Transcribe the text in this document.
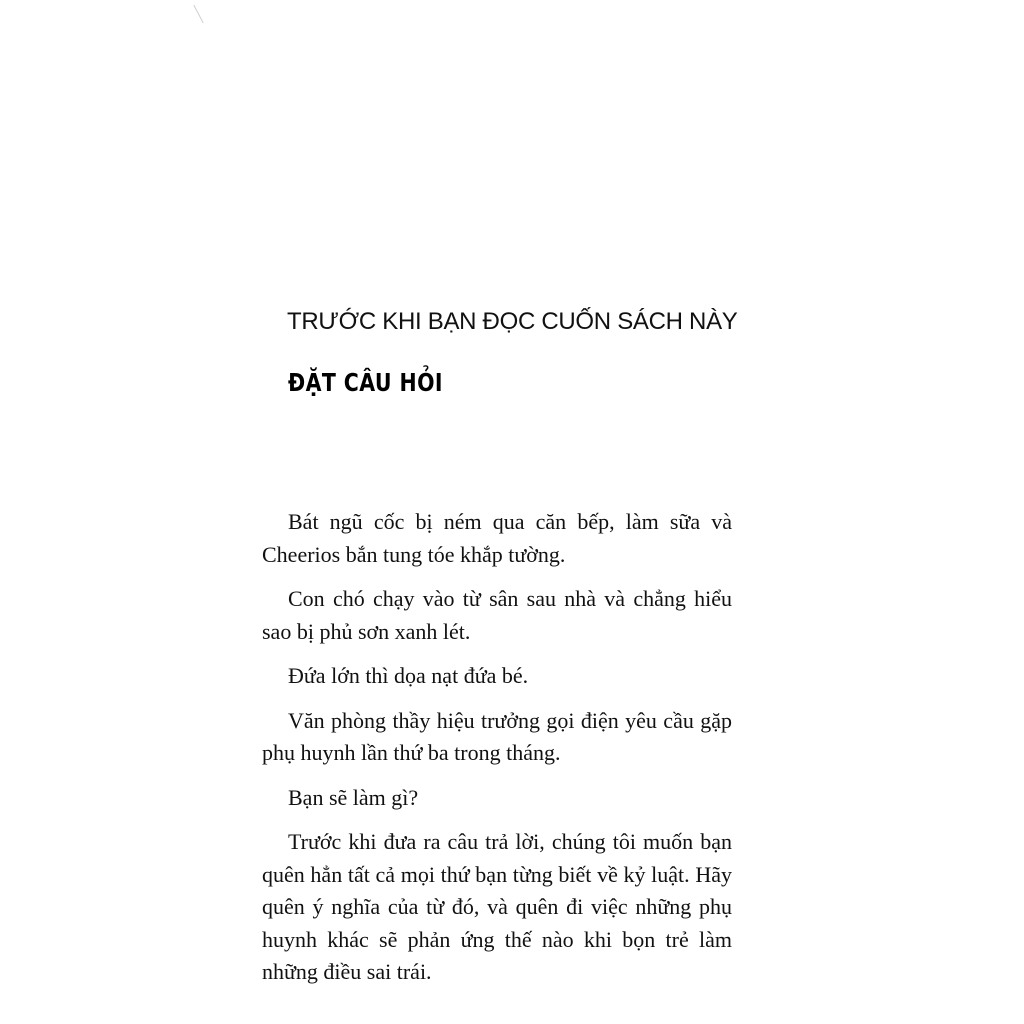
TRƯỚC KHI BẠN ĐỌC CUỐN SÁCH NÀY
ĐẶT CÂU HỎI

Bát ngũ cốc bị ném qua căn bếp, làm sữa và Cheerios bắn tung tóe khắp tường.

Con chó chạy vào từ sân sau nhà và chẳng hiểu sao bị phủ sơn xanh lét.

Đứa lớn thì dọa nạt đứa bé.

Văn phòng thầy hiệu trưởng gọi điện yêu cầu gặp phụ huynh lần thứ ba trong tháng.

Bạn sẽ làm gì?

Trước khi đưa ra câu trả lời, chúng tôi muốn bạn quên hẳn tất cả mọi thứ bạn từng biết về kỷ luật. Hãy quên ý nghĩa của từ đó, và quên đi việc những phụ huynh khác sẽ phản ứng thế nào khi bọn trẻ làm những điều sai trái.
